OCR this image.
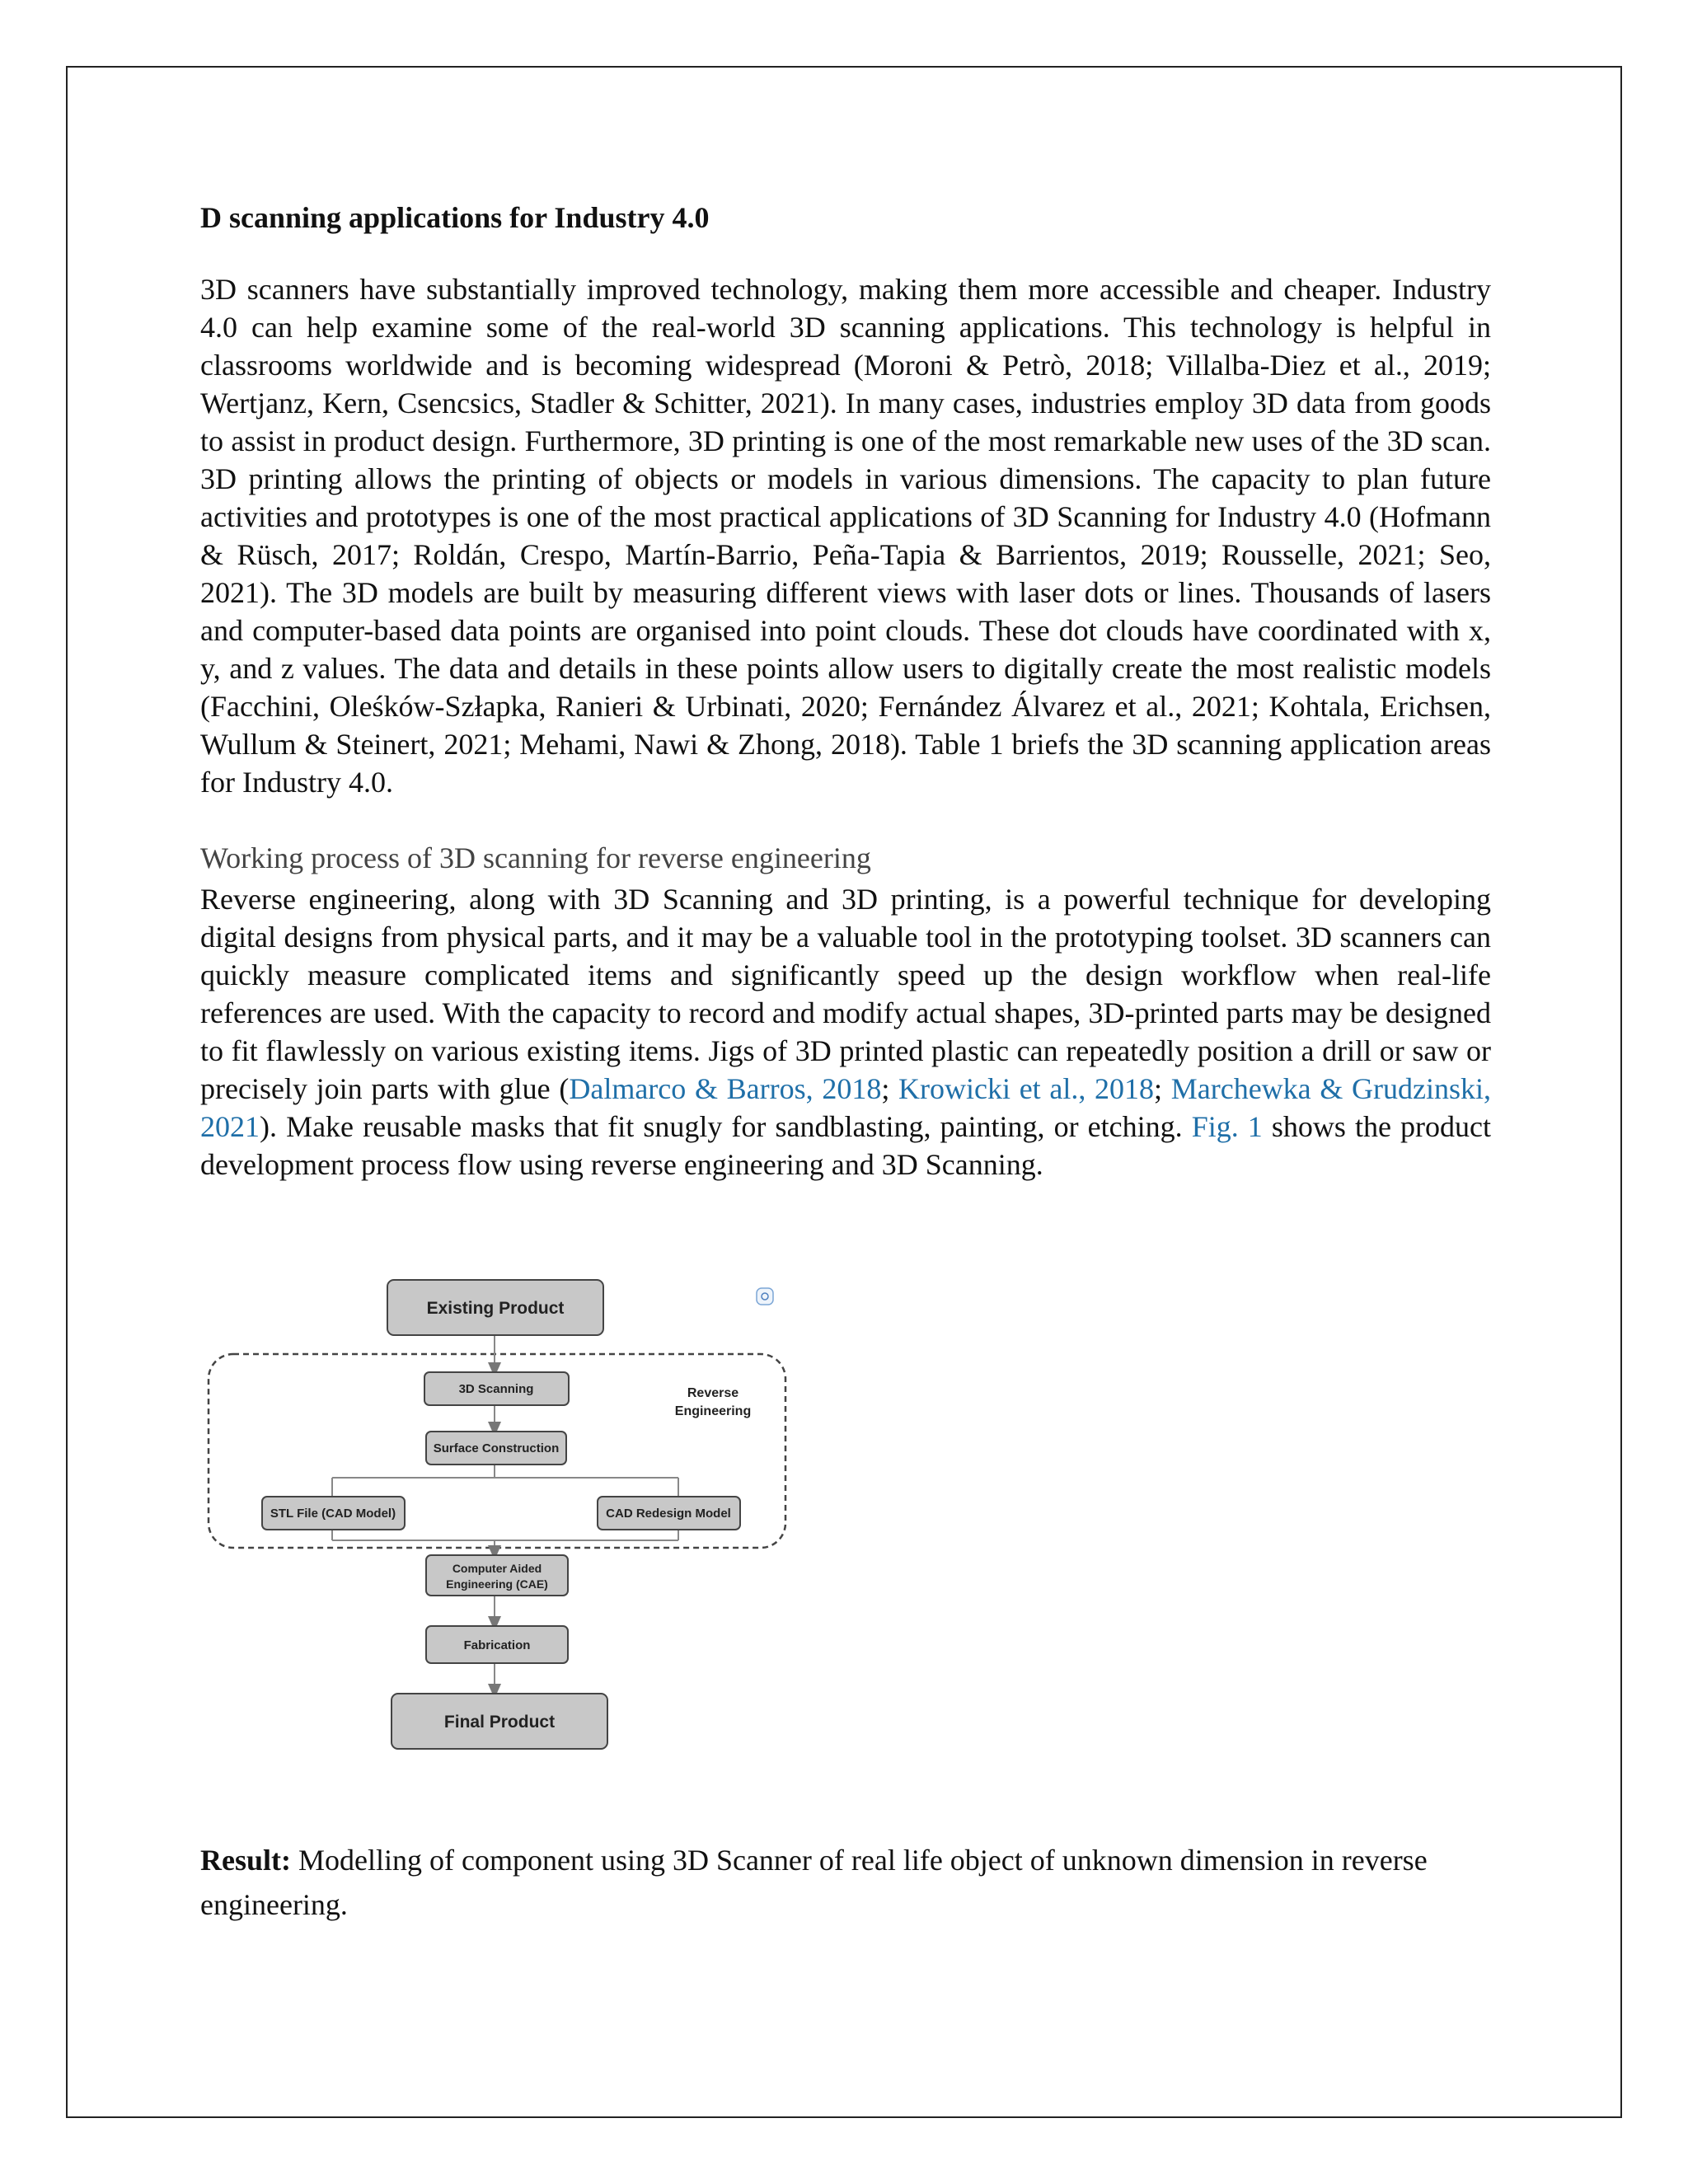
D scanning applications for Industry 4.0

3D scanners have substantially improved technology, making them more accessible and cheaper. Industry 4.0 can help examine some of the real-world 3D scanning applications. This technology is helpful in classrooms worldwide and is becoming widespread (Moroni & Petrò, 2018; Villalba-Diez et al., 2019; Wertjanz, Kern, Csencsics, Stadler & Schitter, 2021). In many cases, industries employ 3D data from goods to assist in product design. Furthermore, 3D printing is one of the most remarkable new uses of the 3D scan. 3D printing allows the printing of objects or models in various dimensions. The capacity to plan future activities and prototypes is one of the most practical applications of 3D Scanning for Industry 4.0 (Hofmann & Rüsch, 2017; Roldán, Crespo, Martín-Barrio, Peña-Tapia & Barrientos, 2019; Rousselle, 2021; Seo, 2021). The 3D models are built by measuring different views with laser dots or lines. Thousands of lasers and computer-based data points are organised into point clouds. These dot clouds have coordinated with x, y, and z values. The data and details in these points allow users to digitally create the most realistic models (Facchini, Oleśków-Szłapka, Ranieri & Urbinati, 2020; Fernández Álvarez et al., 2021; Kohtala, Erichsen, Wullum & Steinert, 2021; Mehami, Nawi & Zhong, 2018). Table 1 briefs the 3D scanning application areas for Industry 4.0.

Working process of 3D scanning for reverse engineering

Reverse engineering, along with 3D Scanning and 3D printing, is a powerful technique for developing digital designs from physical parts, and it may be a valuable tool in the prototyping toolset. 3D scanners can quickly measure complicated items and significantly speed up the design workflow when real-life references are used. With the capacity to record and modify actual shapes, 3D-printed parts may be designed to fit flawlessly on various existing items. Jigs of 3D printed plastic can repeatedly position a drill or saw or precisely join parts with glue (Dalmarco & Barros, 2018; Krowicki et al., 2018; Marchewka & Grudzinski, 2021). Make reusable masks that fit snugly for sandblasting, painting, or etching. Fig. 1 shows the product development process flow using reverse engineering and 3D Scanning.

Existing Product
3D Scanning	Reverse
Engineering
Surface Construction
STL File (CAD Model)	CAD Redesign Model
Computer Aided
Engineering (CAE)
Fabrication
Final Product
Result: Modelling of component using 3D Scanner of real life object of unknown dimension in reverse engineering.
